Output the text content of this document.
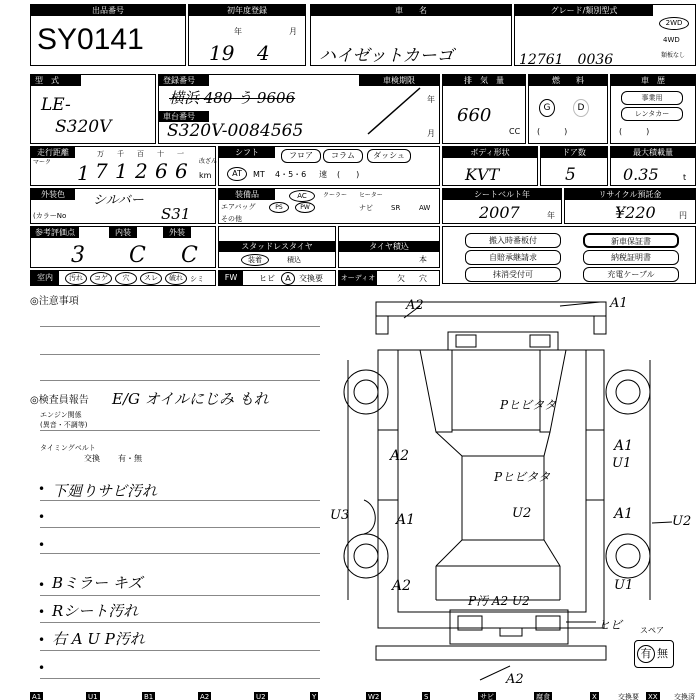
出品番号
SY0141
初年度登録
年	月
19 4
車　　名
ハイゼットカーゴ
グレード/類別型式
12761　0036
2WD
4WD
類板なし
型　式
LE-
S320V
登録番号
横浜 480 う 9606
車台番号
S320V-0084565
車検期限
年
月
排　気　量
660
CC
燃　　料
G	D
(　　　)
車　歴
事業用
レンタカー
(　　　)
走行距離
マーク 1
万
7
千
1
百
2
十
6
一
6 改ざん
km
シフト	フロア	コラム	ダッシュ
AT	MT 4・5・6 速 (　　)
ボディ形状
KVT
ドア数
5
最大積載量
0.35	t
外装色	シルバー
(カラーNo	S31
装備品	AC	クーラー ヒーター
エアバッグ	PS	PW	ナビ	SR	AW
その他
シートベルト年
2007	年
リサイクル預託金
¥220	円
参考評価点
3
内装
C
外装
C	スタッドレスタイヤ
装着	積込
タイヤ積込
本
搬入時番板付
自賠承継請求
抹消受付可
新車保証書
納税証明書
充電ケーブル
室内	汚れ	コゲ	穴	スレ	破れ	シミ	FW	ヒビ	A	交換要	オーディオ	欠 穴
◎注意事項
◎検査員報告 E/G オイルにじみ もれ
エンジン関係
(異音・不調等)
タイミングベルト
交換 有・無
•
•
•
•
•
•
•
下廻りサビ汚れ
Bミラー キズ
Rシート汚れ
右 A U P汚れ
A2	A1
Pヒビタタ
A2
A1
U1
Pヒビタタ
U2
U3	A1	U2
A1
A2	U1
P汚 A2 U2
ヒビ
A2
スペア
有 無
A1	U1	B1	A2	U2	Y	W2	S	サビ	腐食	X	交換要 XX 交換済
